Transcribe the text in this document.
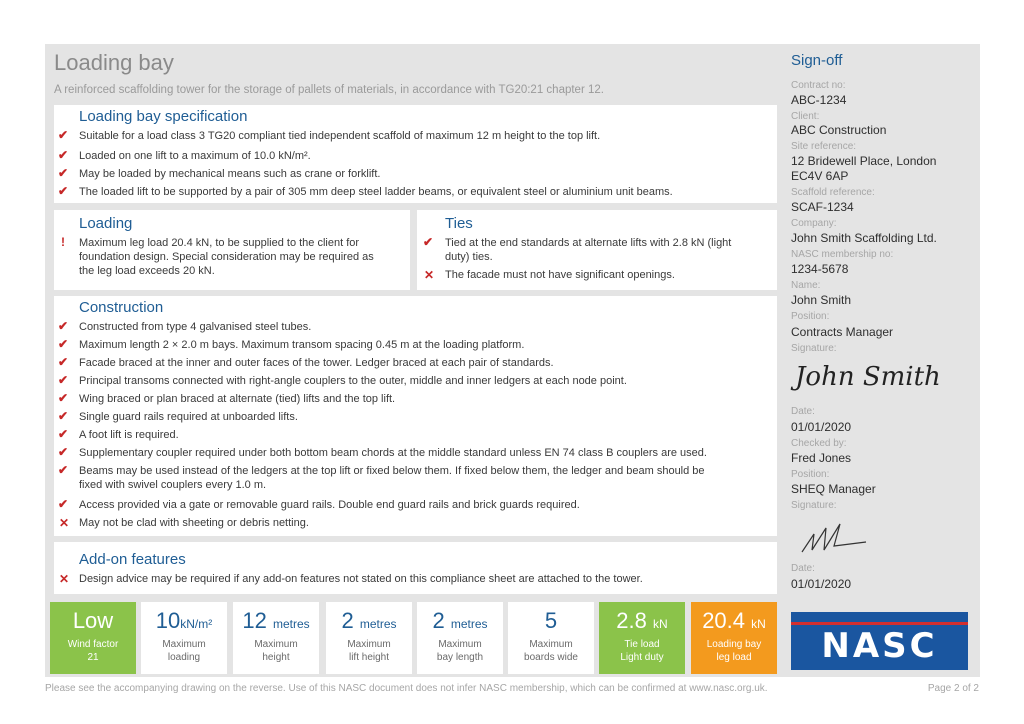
Loading bay
A reinforced scaffolding tower for the storage of pallets of materials, in accordance with TG20:21 chapter 12.
Loading bay specification
✔ Suitable for a load class 3 TG20 compliant tied independent scaffold of maximum 12 m height to the top lift.
✔ Loaded on one lift to a maximum of 10.0 kN/m².
✔ May be loaded by mechanical means such as crane or forklift.
✔ The loaded lift to be supported by a pair of 305 mm deep steel ladder beams, or equivalent steel or aluminium unit beams.
Loading
! Maximum leg load 20.4 kN, to be supplied to the client for
foundation design. Special consideration may be required as
the leg load exceeds 20 kN.
Ties
✔ Tied at the end standards at alternate lifts with 2.8 kN (light
duty) ties.
✕ The facade must not have significant openings.
Construction
✔ Constructed from type 4 galvanised steel tubes.
✔ Maximum length 2 × 2.0 m bays. Maximum transom spacing 0.45 m at the loading platform.
✔ Facade braced at the inner and outer faces of the tower. Ledger braced at each pair of standards.
✔ Principal transoms connected with right-angle couplers to the outer, middle and inner ledgers at each node point.
✔ Wing braced or plan braced at alternate (tied) lifts and the top lift.
✔ Single guard rails required at unboarded lifts.
✔ A foot lift is required.
✔ Supplementary coupler required under both bottom beam chords at the middle standard unless EN 74 class B couplers are used.
✔ Beams may be used instead of the ledgers at the top lift or fixed below them. If fixed below them, the ledger and beam should be
fixed with swivel couplers every 1.0 m.
✔ Access provided via a gate or removable guard rails. Double end guard rails and brick guards required.
✕ May not be clad with sheeting or debris netting.
Add-on features
✕ Design advice may be required if any add-on features not stated on this compliance sheet are attached to the tower.
Low
Wind factor
21
10kN/m²
Maximum
loading
12 metres
Maximum
height
2 metres
Maximum
lift height
2 metres
Maximum
bay length
5
Maximum
boards wide
2.8 kN
Tie load
Light duty
20.4 kN
Loading bay
leg load
Sign-off
Contract no:
ABC-1234
Client:
ABC Construction
Site reference:
12 Bridewell Place, London
EC4V 6AP
Scaffold reference:
SCAF-1234
Company:
John Smith Scaffolding Ltd.
NASC membership no:
1234-5678
Name:
John Smith
Position:
Contracts Manager
Signature:
John Smith
Date:
01/01/2020
Checked by:
Fred Jones
Position:
SHEQ Manager
Signature:
Date:
01/01/2020
NASC
Please see the accompanying drawing on the reverse. Use of this NASC document does not infer NASC membership, which can be confirmed at www.nasc.org.uk.	Page 2 of 2
